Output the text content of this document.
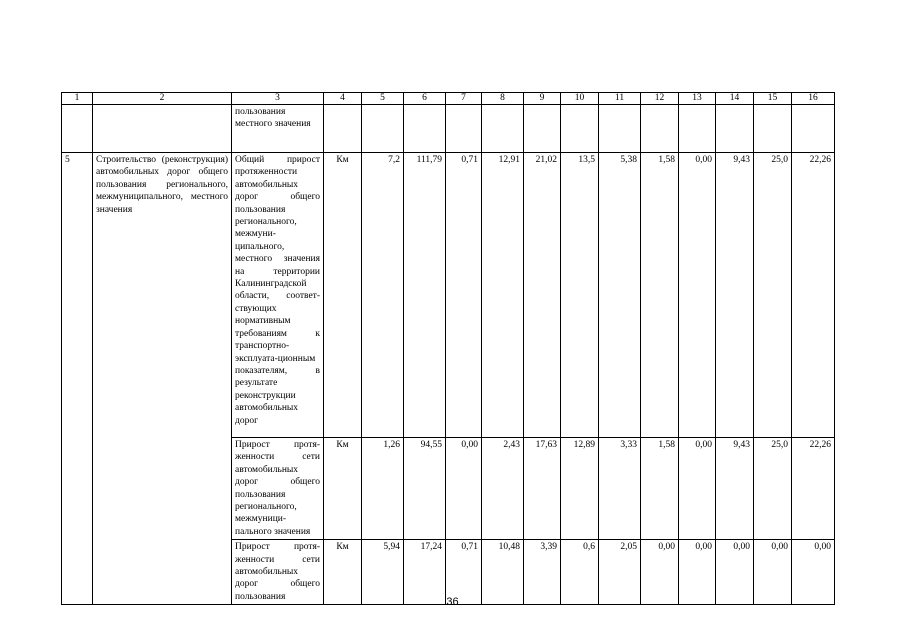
1	2	3	4	5	6	7	8	9	10	11	12	13	14	15	16
		пользования местного значения													
5	Строительство (реконструкция) автомобильных дорог общего пользования регионального, межмуниципального, местного значения	Общий прирост протяженности автомобильных дорог общего пользования регионального, межмуни-ципального, местного значения на территории Калининградской области, соответ-ствующих нормативным требованиям к транспортно-эксплуата-ционным показателям, в результате реконструкции автомобильных дорог	Км	7,2	111,79	0,71	12,91	21,02	13,5	5,38	1,58	0,00	9,43	25,0	22,26
		Прирост протя-женности сети автомобильных дорог общего пользования регионального, межмуници-пального значения	Км	1,26	94,55	0,00	2,43	17,63	12,89	3,33	1,58	0,00	9,43	25,0	22,26
		Прирост протя-женности сети автомобильных дорог общего пользования	Км	5,94	17,24	0,71	10,48	3,39	0,6	2,05	0,00	0,00	0,00	0,00	0,00
36
